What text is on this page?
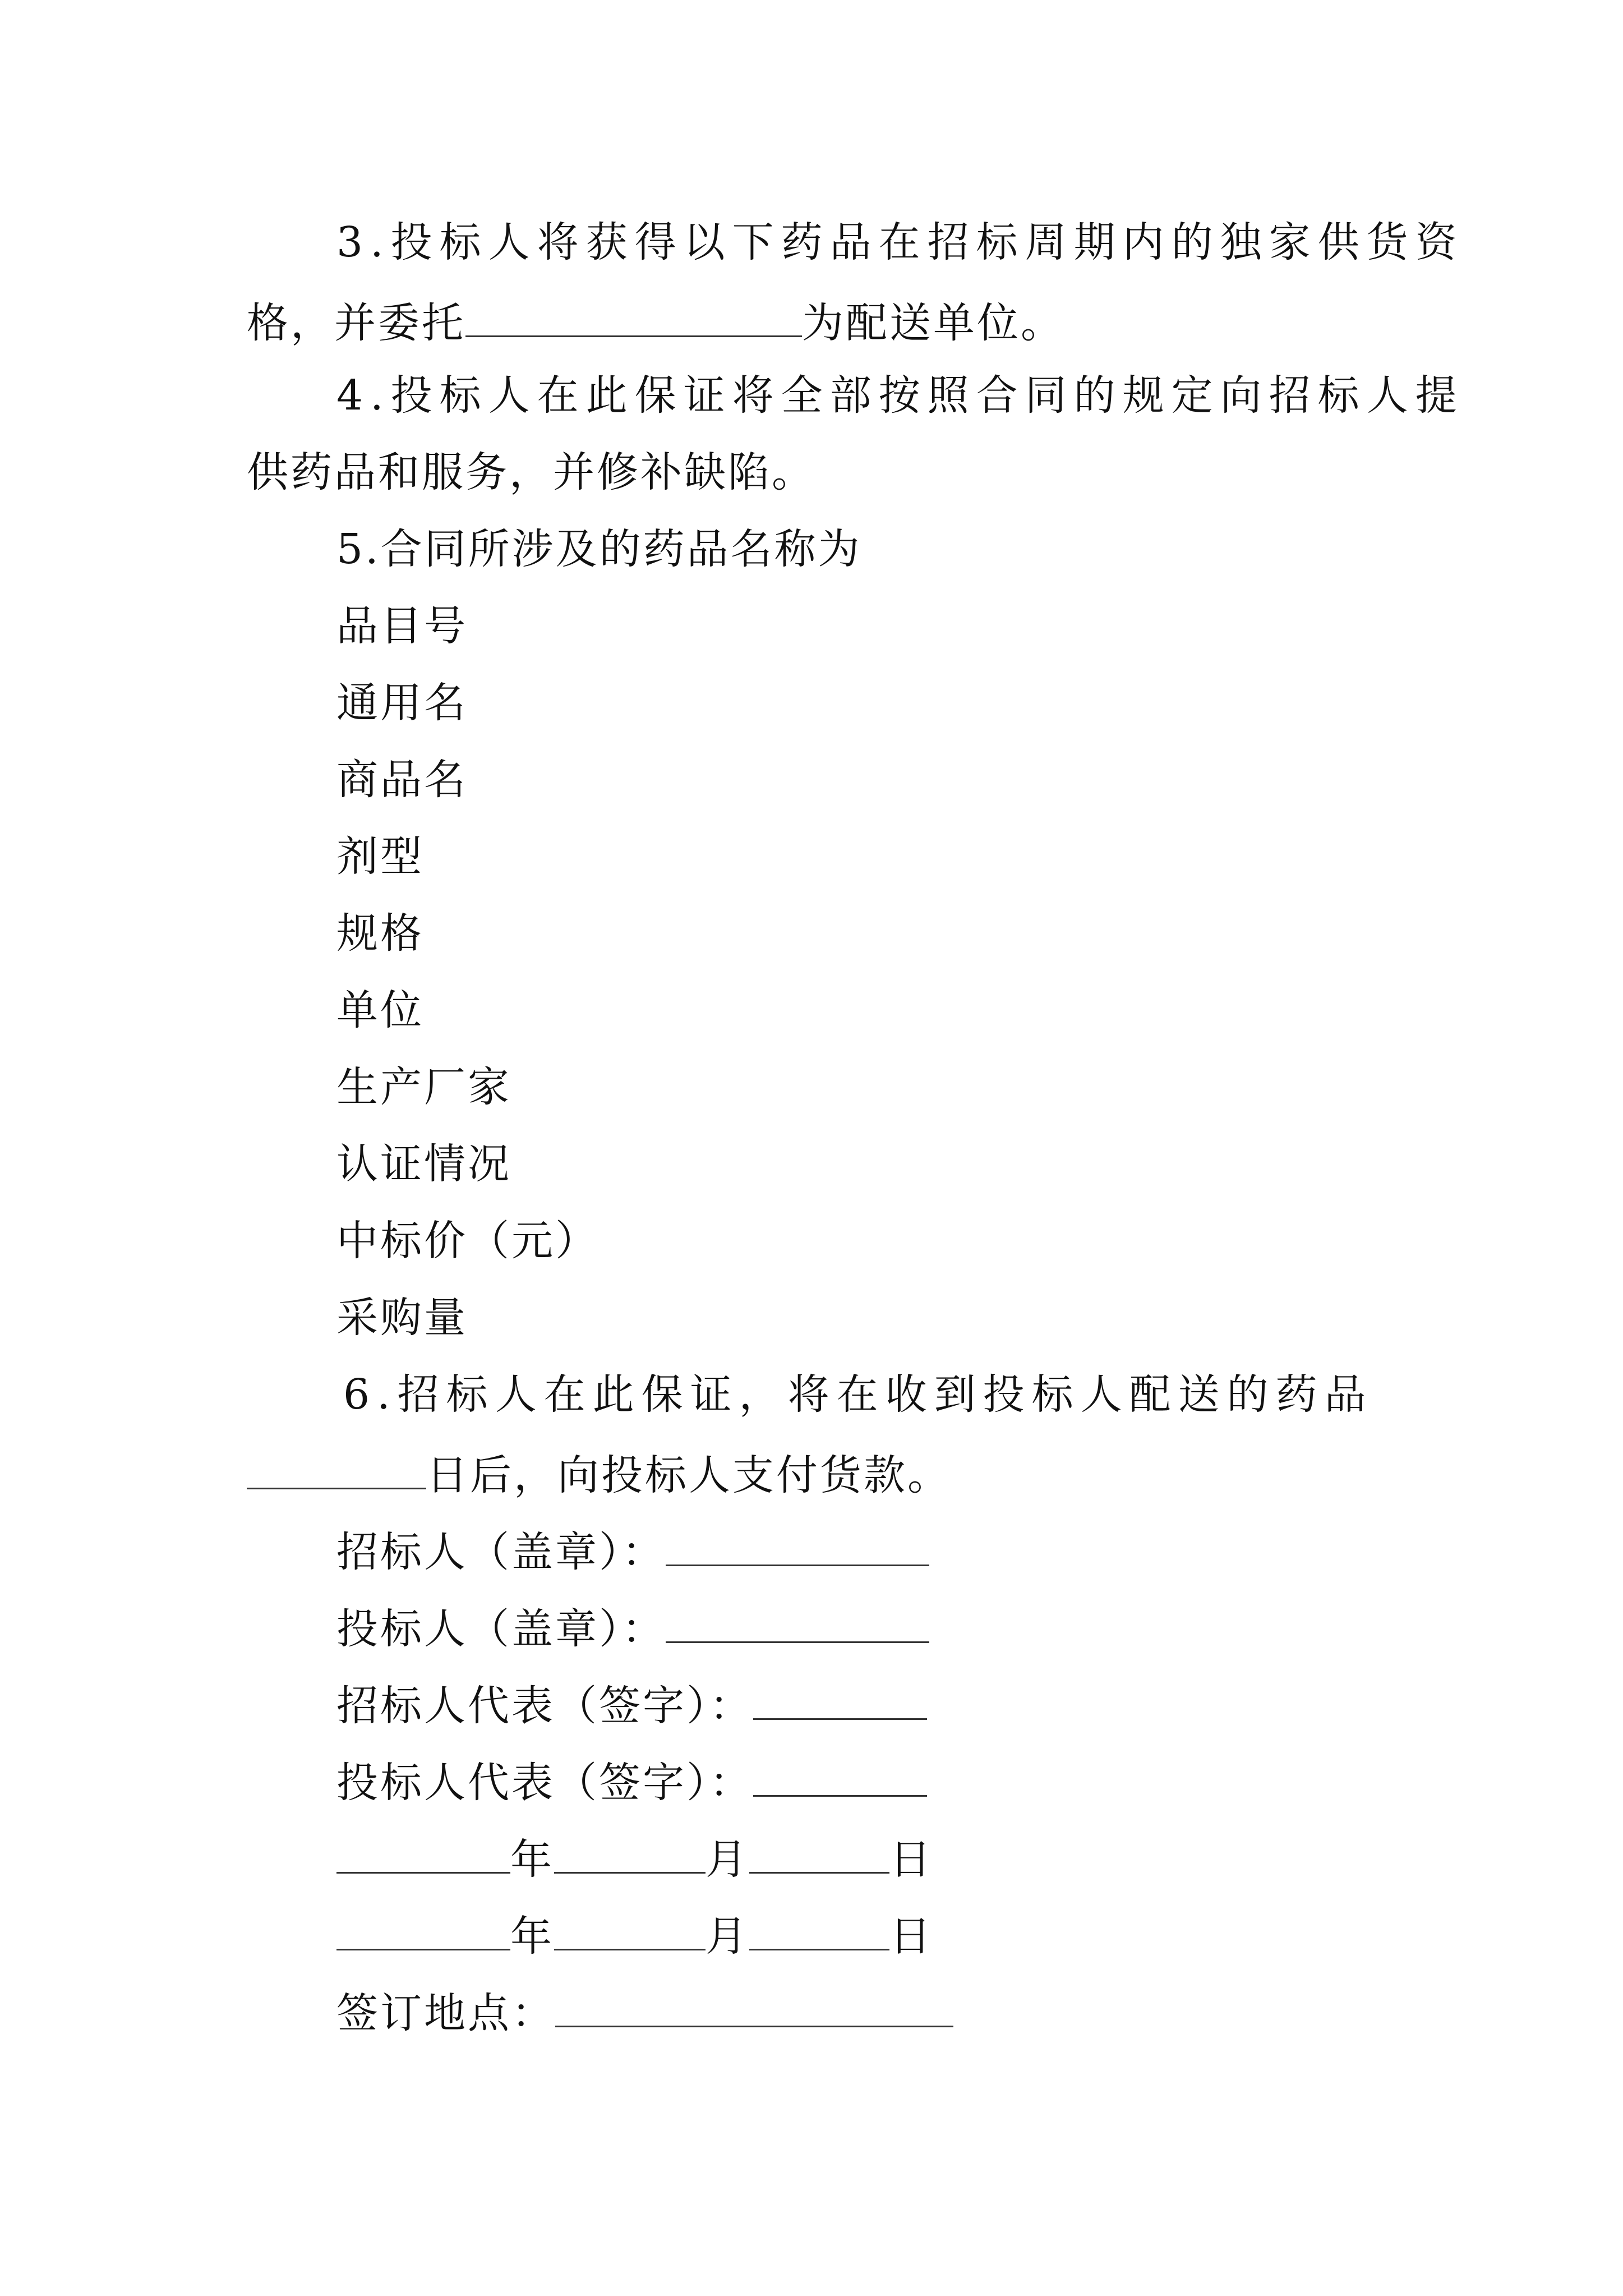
3.投标人将获得以下药品在招标周期内的独家供货资
格，并委托	为配送单位。
4.投标人在此保证将全部按照合同的规定向招标人提
供药品和服务，并修补缺陷。
5.合同所涉及的药品名称为
品目号
通用名
商品名
剂型
规格
单位
生产厂家
认证情况
中标价（元）
采购量
6.招标人在此保证，将在收到投标人配送的药品
日后，向投标人支付货款。
招标人（盖章）：
投标人（盖章）：
招标人代表（签字）：
投标人代表（签字）：
年	月	日
年	月	日
签订地点：
